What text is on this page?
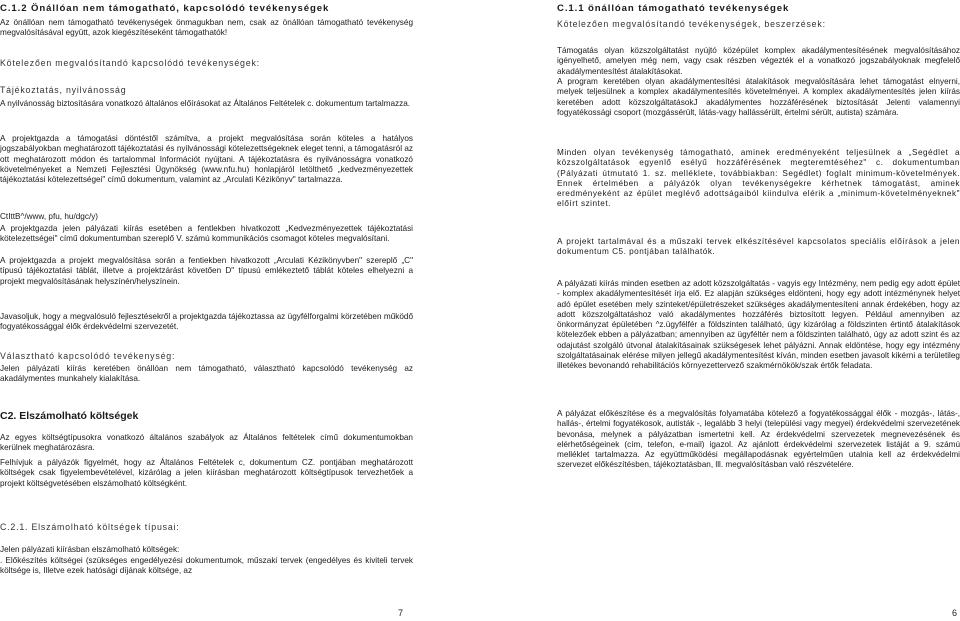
C.1.2 Önállóan nem támogatható, kapcsolódó tevékenységek

Az önállóan nem támogatható tevékenységek önmagukban nem, csak az önállóan támogatható tevékenység megvalósításával együtt, azok kiegészítéseként támogathatók!

Kötelezően megvalósítandó kapcsolódó tevékenységek:
Tájékoztatás, nyilvánosság

A nyilvánosság biztosítására vonatkozó általános előírásokat az Általános Feltételek c. dokumentum tartalmazza.

A projektgazda a támogatási döntéstől számítva, a projekt megvalósítása során köteles a hatályos jogszabályokban meghatározott tájékoztatási és nyilvánossági kötelezettségeknek eleget tenni, a támogatásról az ott meghatározott módon és tartalommal Információt nyújtani. A tájékoztatásra és nyilvánosságra vonatkozó követelményeket a Nemzeti Fejlesztési Ügynökség (www.nfu.hu) honlapjáról letölthető „kedvezményezettek tájékoztatási kötelezettségei" című dokumentum, valamint az „Arculati Kézikönyv" tartalmazza.

CtIttB^/www, pfu, hu/dgc/y)

A projektgazda jelen pályázati kiírás esetében a fentlekben hivatkozott „Kedvezményezettek tájékoztatási kötelezettségei" című dokumentumban szereplő V. számú kommunikációs csomagot köteles megvalósítani.

A projektgazda a projekt megvalósítása során a fentiekben hivatkozott „Arculati Kézikönyvben" szereplő „C" típusú tájékoztatási táblát, illetve a projektzárást követően D" típusú emlékeztető táblát köteles elhelyezni a projekt megvalósításának helyszínén/helyszínein.

Javasoljuk, hogy a megvalósuló fejlesztésekről a projektgazda tájékoztassa az ügyfélforgalmi körzetében működő fogyatékossággal élők érdekvédelmi szervezetét.

Választható kapcsolódó tevékenység:

Jelen pályázati kiírás keretében önállóan nem támogatható, választható kapcsolódó tevékenység az akadálymentes munkahely kialakítása.

C2. Elszámolható költségek

Az egyes költségtípusokra vonatkozó általános szabályok az Általános feltételek című dokumentumokban kerülnek meghatározásra.

Felhívjuk a pályázók figyelmét, hogy az Általános Feltételek c, dokumentum CZ. pontjában meghatározott költségek csak figyelembevételével, kizárólag a jelen kiírásban meghatározott költségtípusok tervezhetőek a projekt költségvetésében elszámolható költségként.

C.2.1. Elszámolható költségek típusai:
Jelen pályázati kiírásban elszámolható költségek:

. Előkészítés költségei (szükséges engedélyezési dokumentumok, műszaki tervek (engedélyes és kiviteli tervek költsége is, Illetve ezek hatósági díjának költsége, az

7
C.1.1 önállóan támogatható tevékenységek
Kötelezően megvalósítandó tevékenységek, beszerzések:

Támogatás olyan közszolgáltatást nyújtó középület komplex akadálymentesítésének megvalósításához igényelhető, amelyen még nem, vagy csak részben végezték el a vonatkozó jogszabályoknak megfelelő akadálymentesítést átalakításokat.

A program keretében olyan akadálymentesítési átalakítások megvalósítására lehet támogatást elnyerni, melyek teljesülnek a komplex akadálymentesítés követelményei. A komplex akadálymentesítés jelen kiírás keretében adott közszolgáltatásokJ akadálymentes hozzáférésének biztosítását Jelenti valamennyi fogyatékossági csoport (mozgássérült, látás-vagy hallássérült, értelmi sérült, autista) számára.

Minden olyan tevékenység támogatható, aminek eredményeként teljesülnek a „Segédlet a közszolgáltatások egyenlő esélyű hozzáférésének megteremtéséhez" c. dokumentumban (Pályázati útmutató 1. sz. melléklete, továbbiakban: Segédlet) foglalt minimum-követelmények. Ennek értelmében a pályázók olyan tevékenységekre kérhetnek támogatást, aminek eredményeként az épület meglévő adottságaiból kiindulva elérik a „minimum-követelményeknek" előírt szintet.

A projekt tartalmával és a műszaki tervek elkészítésével kapcsolatos speciális előírások a jelen dokumentum C5. pontjában találhatók.

A pályázati kiírás minden esetben az adott közszolgáltatás - vagyis egy Intézmény, nem pedig egy adott épület - komplex akadálymentesítését írja elő. Ez alapján szükséges eldönteni, hogy egy adott intézménynek helyet adó épület esetében mely szinteket/épületrészeket szükséges akadálymentesíteni annak érdekében, hogy az adott közszolgáltatáshoz való akadálymentes hozzáférés biztosított legyen. Például amennyiben az önkormányzat épületében ^z.ügyfélfér a földszinten található, úgy kizárólag a földszinten értintő átalakítások kötelezőek ebben a pályázatban; amennyiben az ügyféltér nem a földszinten található, úgy az adott szint és az odajutást szolgáló útvonal átalakításainak szükségesek lehet pályázni. Annak eldöntése, hogy egy intézmény szolgáltatásainak elérése milyen jellegű akadálymentesítést kíván, minden esetben javasolt kikérni a területileg illetékes bevonandó rehabilitációs környezettervező szakmérnökök/szak értők feladata.

A pályázat előkészítése és a megvalósítás folyamatába kötelező a fogyatékossággal élők - mozgás-, látás-, hallás-, értelmi fogyatékosok, autisták -, legalább 3 helyi (települési vagy megyei) érdekvédelmi szervezetének bevonása, melynek a pályázatban ismertetni kell. Az érdekvédelmi szervezetek megnevezésének és elérhetőségeinek (cím, telefon, e-mail) igazol. Az ajánlott érdekvédelmi szervezetek listáját a 9. számú melléklet tartalmazza. Az együttműködési megállapodásnak egyértelműen utalnia kell az érdekvédelmi szervezet előkészítésben, tájékoztatásban, lll. megvalósításban való részvételére.

6
